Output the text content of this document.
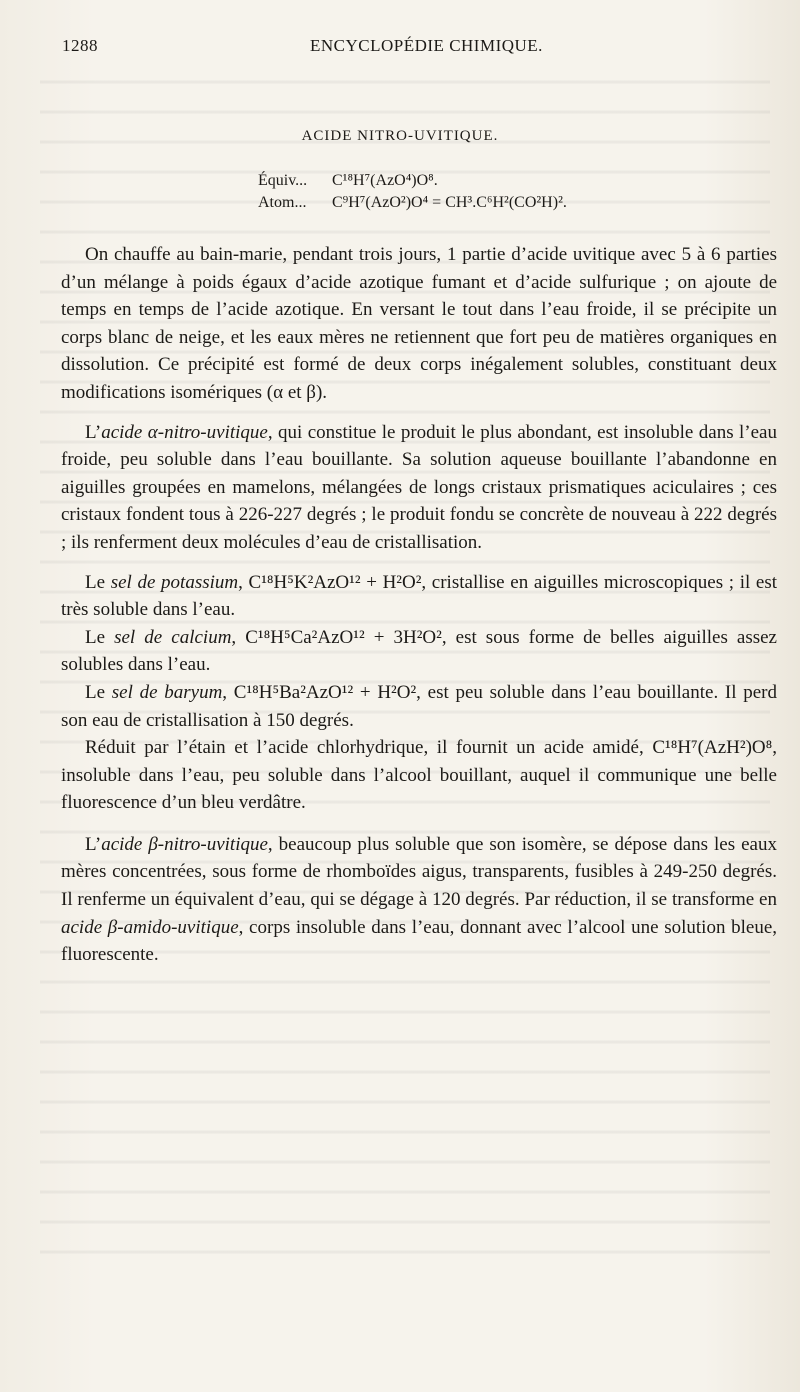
1288	ENCYCLOPÉDIE CHIMIQUE.
ACIDE NITRO-UVITIQUE.
Équiv... C¹⁸H⁷(AzO⁴)O⁸.
Atom... C⁹H⁷(AzO²)O⁴ = CH³.C⁶H²(CO²H)².

On chauffe au bain-marie, pendant trois jours, 1 partie d’acide uvitique avec 5 à 6 parties d’un mélange à poids égaux d’acide azotique fumant et d’acide sulfurique ; on ajoute de temps en temps de l’acide azotique. En versant le tout dans l’eau froide, il se précipite un corps blanc de neige, et les eaux mères ne retiennent que fort peu de matières organiques en dissolution. Ce précipité est formé de deux corps inégalement solubles, constituant deux modifications isomériques (α et β).

L’acide α-nitro-uvitique, qui constitue le produit le plus abondant, est insoluble dans l’eau froide, peu soluble dans l’eau bouillante. Sa solution aqueuse bouillante l’abandonne en aiguilles groupées en mamelons, mélangées de longs cristaux prismatiques aciculaires ; ces cristaux fondent tous à 226-227 degrés ; le produit fondu se concrète de nouveau à 222 degrés ; ils renferment deux molécules d’eau de cristallisation.

Le sel de potassium, C¹⁸H⁵K²AzO¹² + H²O², cristallise en aiguilles microscopiques ; il est très soluble dans l’eau.

Le sel de calcium, C¹⁸H⁵Ca²AzO¹² + 3H²O², est sous forme de belles aiguilles assez solubles dans l’eau.

Le sel de baryum, C¹⁸H⁵Ba²AzO¹² + H²O², est peu soluble dans l’eau bouillante. Il perd son eau de cristallisation à 150 degrés.

Réduit par l’étain et l’acide chlorhydrique, il fournit un acide amidé, C¹⁸H⁷(AzH²)O⁸, insoluble dans l’eau, peu soluble dans l’alcool bouillant, auquel il communique une belle fluorescence d’un bleu verdâtre.

L’acide β-nitro-uvitique, beaucoup plus soluble que son isomère, se dépose dans les eaux mères concentrées, sous forme de rhomboïdes aigus, transparents, fusibles à 249-250 degrés. Il renferme un équivalent d’eau, qui se dégage à 120 degrés. Par réduction, il se transforme en acide β-amido-uvitique, corps insoluble dans l’eau, donnant avec l’alcool une solution bleue, fluorescente.
